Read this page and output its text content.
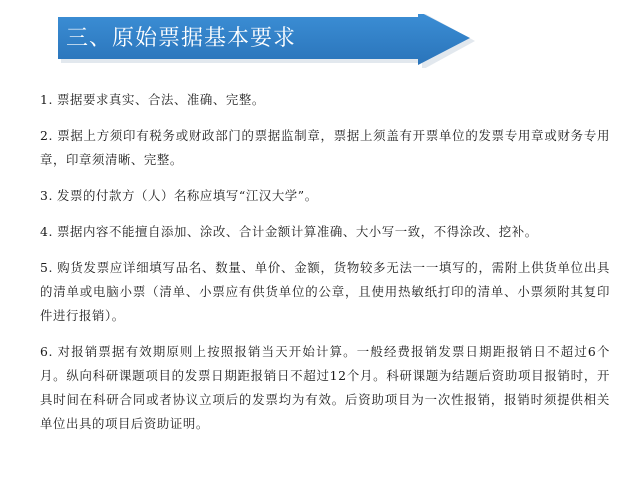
三、原始票据基本要求

1. 票据要求真实、合法、准确、完整。

2. 票据上方须印有税务或财政部门的票据监制章，票据上须盖有开票单位的发票专用章或财务专用章，印章须清晰、完整。

3. 发票的付款方（人）名称应填写“江汉大学”。

4. 票据内容不能擅自添加、涂改、合计金额计算准确、大小写一致，不得涂改、挖补。

5. 购货发票应详细填写品名、数量、单价、金额，货物较多无法一一填写的，需附上供货单位出具的清单或电脑小票（清单、小票应有供货单位的公章，且使用热敏纸打印的清单、小票须附其复印件进行报销）。

6. 对报销票据有效期原则上按照报销当天开始计算。一般经费报销发票日期距报销日不超过6个月。纵向科研课题项目的发票日期距报销日不超过12个月。科研课题为结题后资助项目报销时，开具时间在科研合同或者协议立项后的发票均为有效。后资助项目为一次性报销，报销时须提供相关单位出具的项目后资助证明。
